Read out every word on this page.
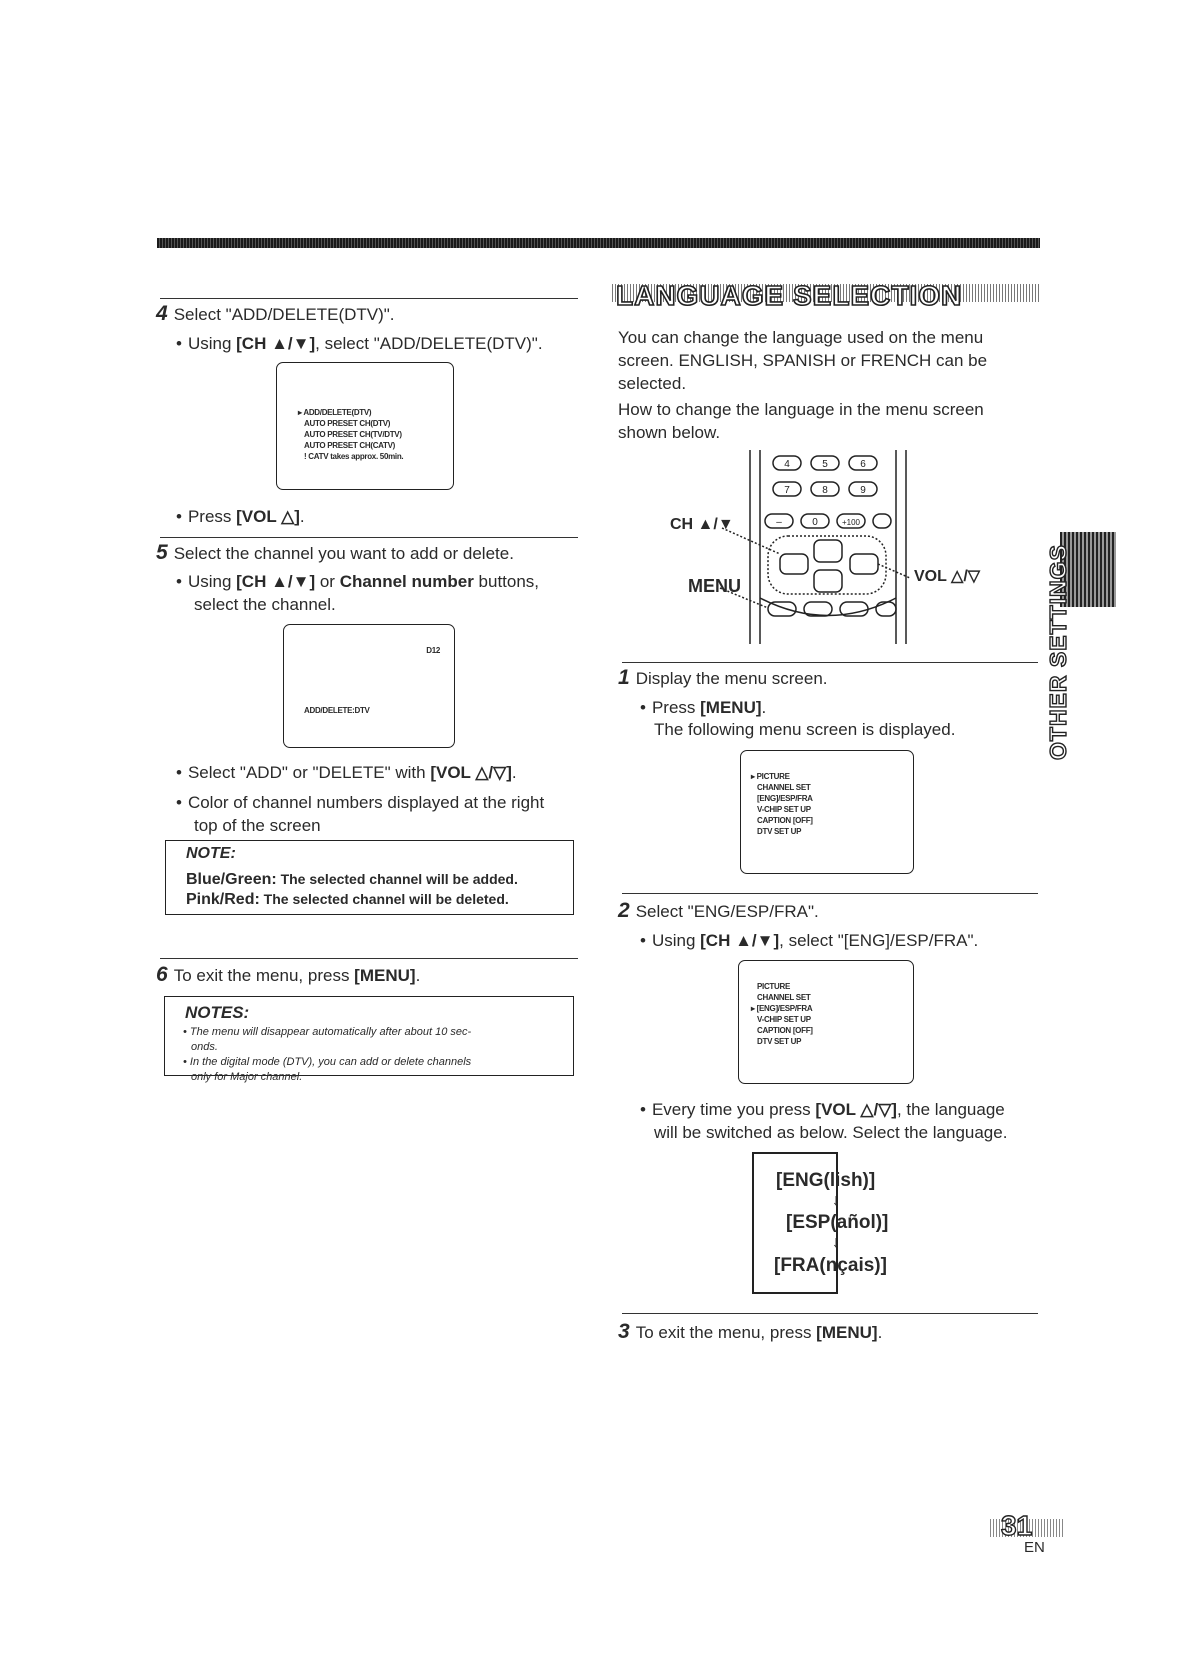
4 Select "ADD/DELETE(DTV)".
• Using [CH ▲/▼], select "ADD/DELETE(DTV)".
▸ ADD/DELETE(DTV)
AUTO PRESET CH(DTV)
AUTO PRESET CH(TV/DTV)
AUTO PRESET CH(CATV)
! CATV takes approx. 50min.
• Press [VOL △].
5 Select the channel you want to add or delete.
• Using [CH ▲/▼] or Channel number buttons,
select the channel.
D12
ADD/DELETE:DTV
• Select "ADD" or "DELETE" with [VOL △/▽].
• Color of channel numbers displayed at the right
top of the screen
NOTE:
Blue/Green: The selected channel will be added.
Pink/Red: The selected channel will be deleted.
6 To exit the menu, press [MENU].
NOTES:
• The menu will disappear automatically after about 10 sec-
onds.
• In the digital mode (DTV), you can add or delete channels
only for Major channel.
LANGUAGE SELECTION
You can change the language used on the menu
screen. ENGLISH, SPANISH or FRENCH can be
selected.
How to change the language in the menu screen
shown below.
4	5	6
7	8	9
–	0	+100
CH ▲/▼
MENU	VOL △/▽
1 Display the menu screen.
• Press [MENU].
The following menu screen is displayed.
▸ PICTURE
CHANNEL SET
[ENG]/ESP/FRA
V-CHIP SET UP
CAPTION [OFF]
DTV SET UP
2 Select "ENG/ESP/FRA".
• Using [CH ▲/▼], select "[ENG]/ESP/FRA".
PICTURE
CHANNEL SET
▸ [ENG]/ESP/FRA
V-CHIP SET UP
CAPTION [OFF]
DTV SET UP
• Every time you press [VOL △/▽], the language
will be switched as below. Select the language.
[ENG(lish)]
↓
[ESP(añol)]
↓
[FRA(nçais)]
3 To exit the menu, press [MENU].
OTHER SETTINGS
31
EN
